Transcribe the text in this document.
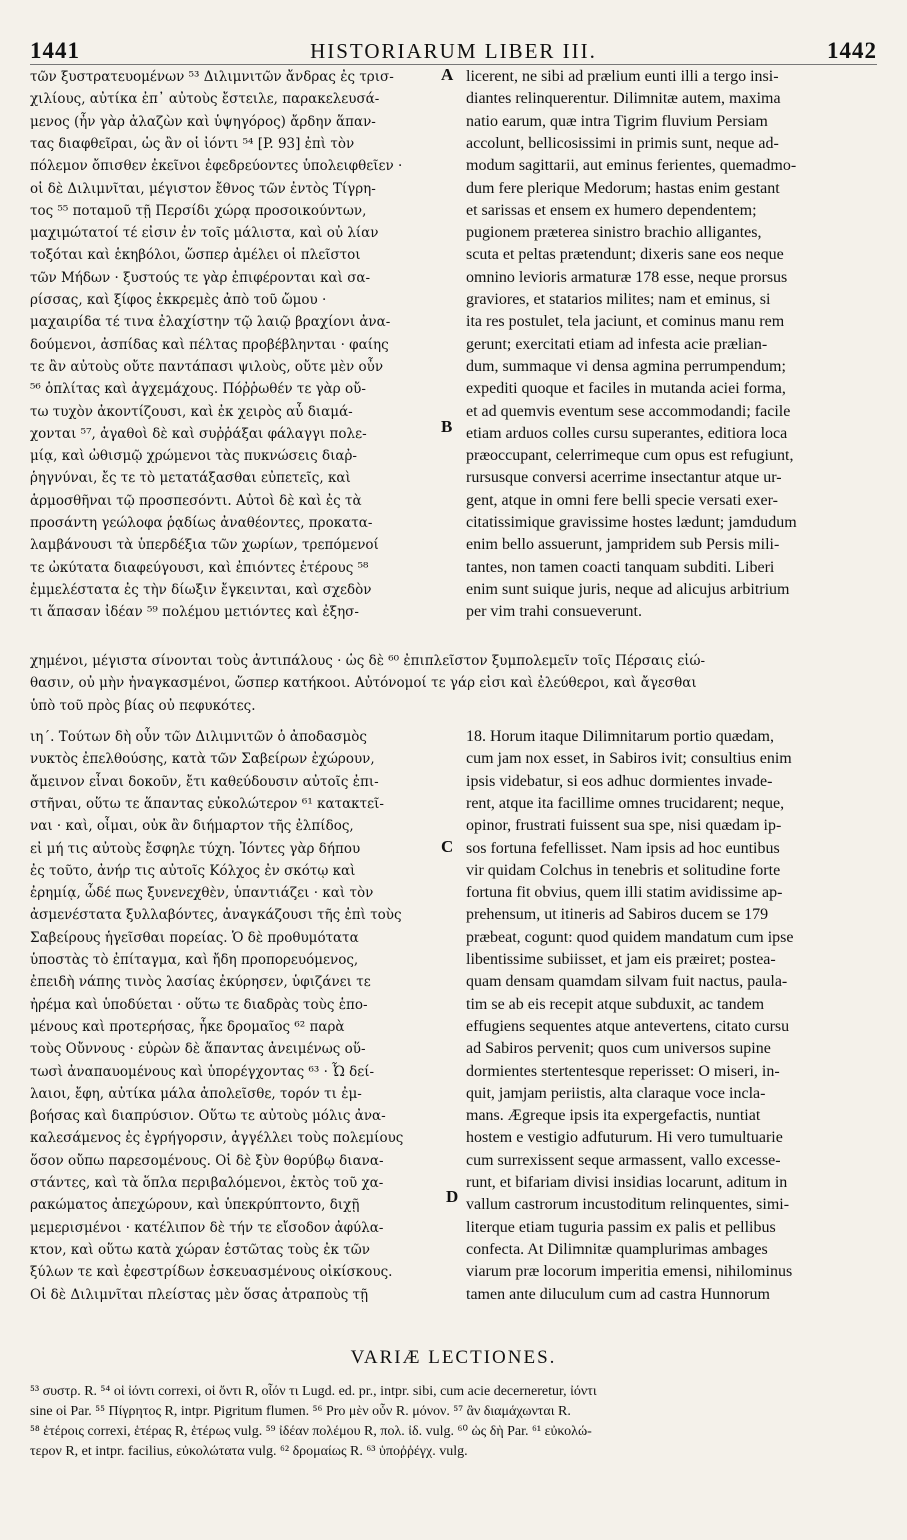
1441	HISTORIARUM LIBER III.	1442
τῶν ξυστρατευομένων ⁵³ Διλιμνιτῶν ἄνδρας ἐς τρισ-
χιλίους, αὐτίκα ἐπ᾽ αὐτοὺς ἔστειλε, παρακελευσά-
μενος (ἦν γὰρ ἀλαζὼν καὶ ὑψηγόρος) ἄρδην ἅπαν-
τας διαφθεῖραι, ὡς ἂν οἱ ἰόντι ⁵⁴ [P. 93] ἐπὶ τὸν
πόλεμον ὄπισθεν ἐκεῖνοι ἐφεδρεύοντες ὑπολειφθεῖεν ·
οἱ δὲ Διλιμνῖται, μέγιστον ἔθνος τῶν ἐντὸς Τίγρη-
τος ⁵⁵ ποταμοῦ τῇ Περσίδι χώρᾳ προσοικούντων,
μαχιμώτατοί τέ εἰσιν ἐν τοῖς μάλιστα, καὶ οὐ λίαν
τοξόται καὶ ἑκηβόλοι, ὥσπερ ἀμέλει οἱ πλεῖστοι
τῶν Μήδων · ξυστούς τε γὰρ ἐπιφέρονται καὶ σα-
ρίσσας, καὶ ξίφος ἐκκρεμὲς ἀπὸ τοῦ ὤμου ·
μαχαιρίδα τέ τινα ἐλαχίστην τῷ λαιῷ βραχίονι ἀνα-
δούμενοι, ἀσπίδας καὶ πέλτας προβέβληνται · φαίης
τε ἂν αὐτοὺς οὔτε παντάπασι ψιλοὺς, οὔτε μὲν οὖν
⁵⁶ ὁπλίτας καὶ ἀγχεμάχους. Πόῤῥωθέν τε γὰρ οὔ-
τω τυχὸν ἀκοντίζουσι, καὶ ἐκ χειρὸς αὖ διαμά-
χονται ⁵⁷, ἀγαθοὶ δὲ καὶ συῤῥάξαι φάλαγγι πολε-
μίᾳ, καὶ ὠθισμῷ χρώμενοι τὰς πυκνώσεις διαῤ-
ῥηγνύναι, ἔς τε τὸ μετατάξασθαι εὐπετεῖς, καὶ
ἁρμοσθῆναι τῷ προσπεσόντι. Αὐτοὶ δὲ καὶ ἐς τὰ
προσάντη γεώλοφα ῥᾳδίως ἀναθέοντες, προκατα-
λαμβάνουσι τὰ ὑπερδέξια τῶν χωρίων, τρεπόμενοί
τε ὠκύτατα διαφεύγουσι, καὶ ἐπιόντες ἑτέρους ⁵⁸
ἐμμελέστατα ἐς τὴν δίωξιν ἔγκεινται, καὶ σχεδὸν
τι ἅπασαν ἰδέαν ⁵⁹ πολέμου μετιόντες καὶ ἐξησ-
licerent, ne sibi ad prælium eunti illi a tergo insi-
diantes relinquerentur. Dilimnitæ autem, maxima
natio earum, quæ intra Tigrim fluvium Persiam
accolunt, bellicosissimi in primis sunt, neque ad-
modum sagittarii, aut eminus ferientes, quemadmo-
dum fere plerique Medorum; hastas enim gestant
et sarissas et ensem ex humero dependentem;
pugionem præterea sinistro brachio alligantes,
scuta et peltas prætendunt; dixeris sane eos neque
omnino levioris armaturæ 178 esse, neque prorsus
graviores, et statarios milites; nam et eminus, si
ita res postulet, tela jaciunt, et cominus manu rem
gerunt; exercitati etiam ad infesta acie prælian-
dum, summaque vi densa agmina perrumpendum;
expediti quoque et faciles in mutanda aciei forma,
et ad quemvis eventum sese accommodandi; facile
etiam arduos colles cursu superantes, editiora loca
præoccupant, celerrimeque cum opus est refugiunt,
rursusque conversi acerrime insectantur atque ur-
gent, atque in omni fere belli specie versati exer-
citatissimique gravissime hostes lædunt; jamdudum
enim bello assuerunt, jampridem sub Persis mili-
tantes, non tamen coacti tanquam subditi. Liberi
enim sunt suique juris, neque ad alicujus arbitrium
per vim trahi consueverunt.
χημένοι, μέγιστα σίνονται τοὺς ἀντιπάλους · ὡς δὲ ⁶⁰ ἐπιπλεῖστον ξυμπολεμεῖν τοῖς Πέρσαις εἰώ-
θασιν, οὐ μὴν ἠναγκασμένοι, ὥσπερ κατήκοοι. Αὐτόνομοί τε γάρ εἰσι καὶ ἐλεύθεροι, καὶ ἄγεσθαι
ὑπὸ τοῦ πρὸς βίας οὐ πεφυκότες.
ιη΄. Τούτων δὴ οὖν τῶν Διλιμνιτῶν ὁ ἀποδασμὸς
νυκτὸς ἐπελθούσης, κατὰ τῶν Σαβείρων ἐχώρουν,
ἄμεινον εἶναι δοκοῦν, ἔτι καθεύδουσιν αὐτοῖς ἐπι-
στῆναι, οὕτω τε ἅπαντας εὐκολώτερον ⁶¹ κατακτεῖ-
ναι · καὶ, οἶμαι, οὐκ ἂν διήμαρτον τῆς ἐλπίδος,
εἰ μή τις αὐτοὺς ἔσφηλε τύχη. Ἰόντες γὰρ δήπου
ἐς τοῦτο, ἀνήρ τις αὐτοῖς Κόλχος ἐν σκότῳ καὶ
ἐρημίᾳ, ὧδέ πως ξυνενεχθὲν, ὑπαντιάζει · καὶ τὸν
ἀσμενέστατα ξυλλαβόντες, ἀναγκάζουσι τῆς ἐπὶ τοὺς
Σαβείρους ἡγεῖσθαι πορείας. Ὁ δὲ προθυμότατα
ὑποστὰς τὸ ἐπίταγμα, καὶ ἤδη προπορευόμενος,
ἐπειδὴ νάπης τινὸς λασίας ἐκύρησεν, ὑφιζάνει τε
ἠρέμα καὶ ὑποδύεται · οὕτω τε διαδρὰς τοὺς ἑπο-
μένους καὶ προτερήσας, ἧκε δρομαῖος ⁶² παρὰ
τοὺς Οὔννους · εὑρὼν δὲ ἅπαντας ἀνειμένως οὕ-
τωσὶ ἀναπαυομένους καὶ ὑπορέγχοντας ⁶³ · Ὦ δεί-
λαιοι, ἔφη, αὐτίκα μάλα ἀπολεῖσθε, τορόν τι ἐμ-
βοήσας καὶ διαπρύσιον. Οὕτω τε αὐτοὺς μόλις ἀνα-
καλεσάμενος ἐς ἐγρήγορσιν, ἀγγέλλει τοὺς πολεμίους
ὅσον οὔπω παρεσομένους. Οἱ δὲ ξὺν θορύβῳ διανα-
στάντες, καὶ τὰ ὅπλα περιβαλόμενοι, ἐκτὸς τοῦ χα-
ρακώματος ἀπεχώρουν, καὶ ὑπεκρύπτοντο, διχῇ
μεμερισμένοι · κατέλιπον δὲ τήν τε εἴσοδον ἀφύλα-
κτον, καὶ οὕτω κατὰ χώραν ἑστῶτας τοὺς ἐκ τῶν
ξύλων τε καὶ ἐφεστρίδων ἐσκευασμένους οἰκίσκους.
Οἱ δὲ Διλιμνῖται πλείστας μὲν ὅσας ἀτραποὺς τῇ
18. Horum itaque Dilimnitarum portio quædam,
cum jam nox esset, in Sabiros ivit; consultius enim
ipsis videbatur, si eos adhuc dormientes invade-
rent, atque ita facillime omnes trucidarent; neque,
opinor, frustrati fuissent sua spe, nisi quædam ip-
sos fortuna fefellisset. Nam ipsis ad hoc euntibus
vir quidam Colchus in tenebris et solitudine forte
fortuna fit obvius, quem illi statim avidissime ap-
prehensum, ut itineris ad Sabiros ducem se 179
præbeat, cogunt: quod quidem mandatum cum ipse
libentissime subiisset, et jam eis præiret; postea-
quam densam quamdam silvam fuit nactus, paula-
tim se ab eis recepit atque subduxit, ac tandem
effugiens sequentes atque antevertens, citato cursu
ad Sabiros pervenit; quos cum universos supine
dormientes stertentesque reperisset: O miseri, in-
quit, jamjam periistis, alta claraque voce incla-
mans. Ægreque ipsis ita expergefactis, nuntiat
hostem e vestigio adfuturum. Hi vero tumultuarie
cum surrexissent seque armassent, vallo excesse-
runt, et bifariam divisi insidias locarunt, aditum in
vallum castrorum incustoditum relinquentes, simi-
literque etiam tuguria passim ex palis et pellibus
confecta. At Dilimnitæ quamplurimas ambages
viarum præ locorum imperitia emensi, nihilominus
tamen ante diluculum cum ad castra Hunnorum
A
B
C
D
VARIÆ LECTIONES.
⁵³ συστρ. R. ⁵⁴ οἱ ἰόντι correxi, οἱ ὄντι R, οἷόν τι Lugd. ed. pr., intpr. sibi, cum acie decerneretur, ἰόντι
sine οἱ Par. ⁵⁵ Πίγρητος R, intpr. Pigritum flumen. ⁵⁶ Pro μὲν οὖν R. μόνον. ⁵⁷ ἂν διαμάχωνται R.
⁵⁸ ἑτέροις correxi, ἑτέρας R, ἑτέρως vulg. ⁵⁹ ἰδέαν πολέμου R, πολ. ἰδ. vulg. ⁶⁰ ὡς δὴ Par. ⁶¹ εὐκολώ-
τερον R, et intpr. facilius, εὐκολώτατα vulg. ⁶² δρομαίως R. ⁶³ ὑποῤῥέγχ. vulg.
